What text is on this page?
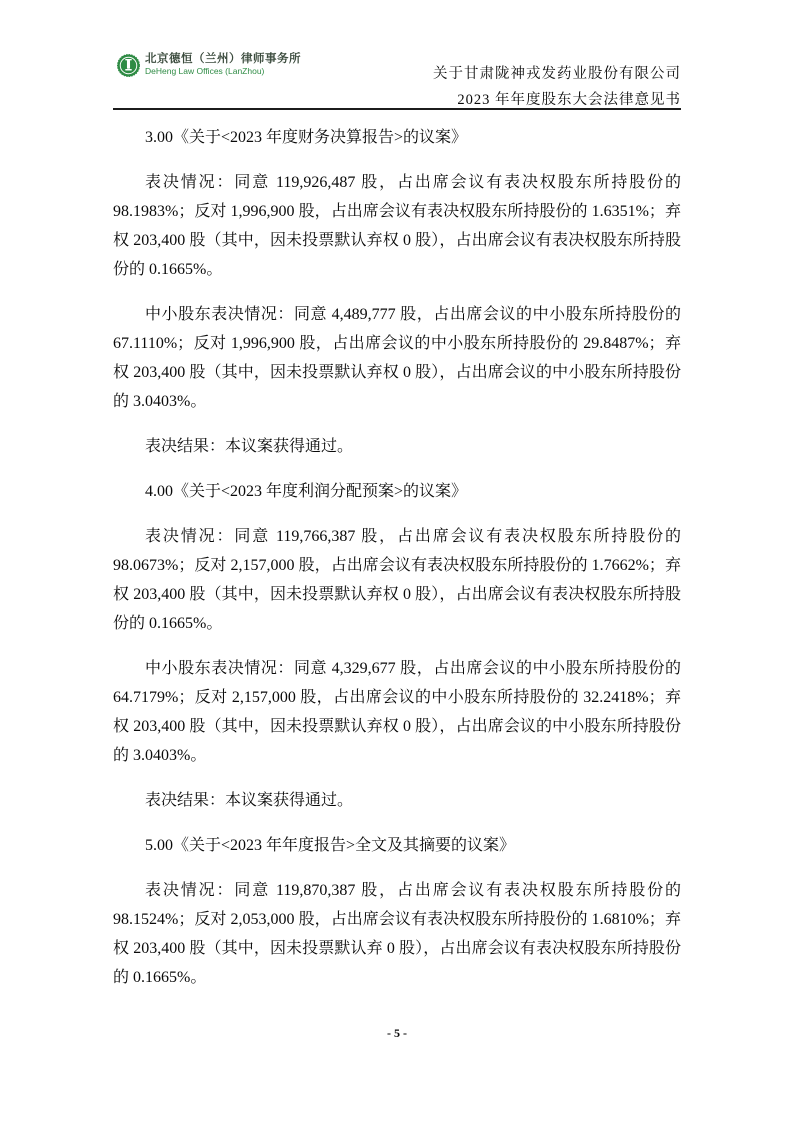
北京德恒（兰州）律师事务所
DeHeng Law Offices (LanZhou)	关于甘肃陇神戎发药业股份有限公司
2023 年年度股东大会法律意见书

3.00《关于<2023 年度财务决算报告>的议案》

表决情况：同意 119,926,487 股，占出席会议有表决权股东所持股份的 98.1983%；反对 1,996,900 股，占出席会议有表决权股东所持股份的 1.6351%；弃权 203,400 股（其中，因未投票默认弃权 0 股），占出席会议有表决权股东所持股份的 0.1665%。

中小股东表决情况：同意 4,489,777 股，占出席会议的中小股东所持股份的 67.1110%；反对 1,996,900 股，占出席会议的中小股东所持股份的 29.8487%；弃权 203,400 股（其中，因未投票默认弃权 0 股），占出席会议的中小股东所持股份的 3.0403%。

表决结果：本议案获得通过。

4.00《关于<2023 年度利润分配预案>的议案》

表决情况：同意 119,766,387 股，占出席会议有表决权股东所持股份的 98.0673%；反对 2,157,000 股，占出席会议有表决权股东所持股份的 1.7662%；弃权 203,400 股（其中，因未投票默认弃权 0 股），占出席会议有表决权股东所持股份的 0.1665%。

中小股东表决情况：同意 4,329,677 股，占出席会议的中小股东所持股份的 64.7179%；反对 2,157,000 股，占出席会议的中小股东所持股份的 32.2418%；弃权 203,400 股（其中，因未投票默认弃权 0 股），占出席会议的中小股东所持股份的 3.0403%。

表决结果：本议案获得通过。

5.00《关于<2023 年年度报告>全文及其摘要的议案》

表决情况：同意 119,870,387 股，占出席会议有表决权股东所持股份的 98.1524%；反对 2,053,000 股，占出席会议有表决权股东所持股份的 1.6810%；弃权 203,400 股（其中，因未投票默认弃 0 股），占出席会议有表决权股东所持股份的 0.1665%。

- 5 -
